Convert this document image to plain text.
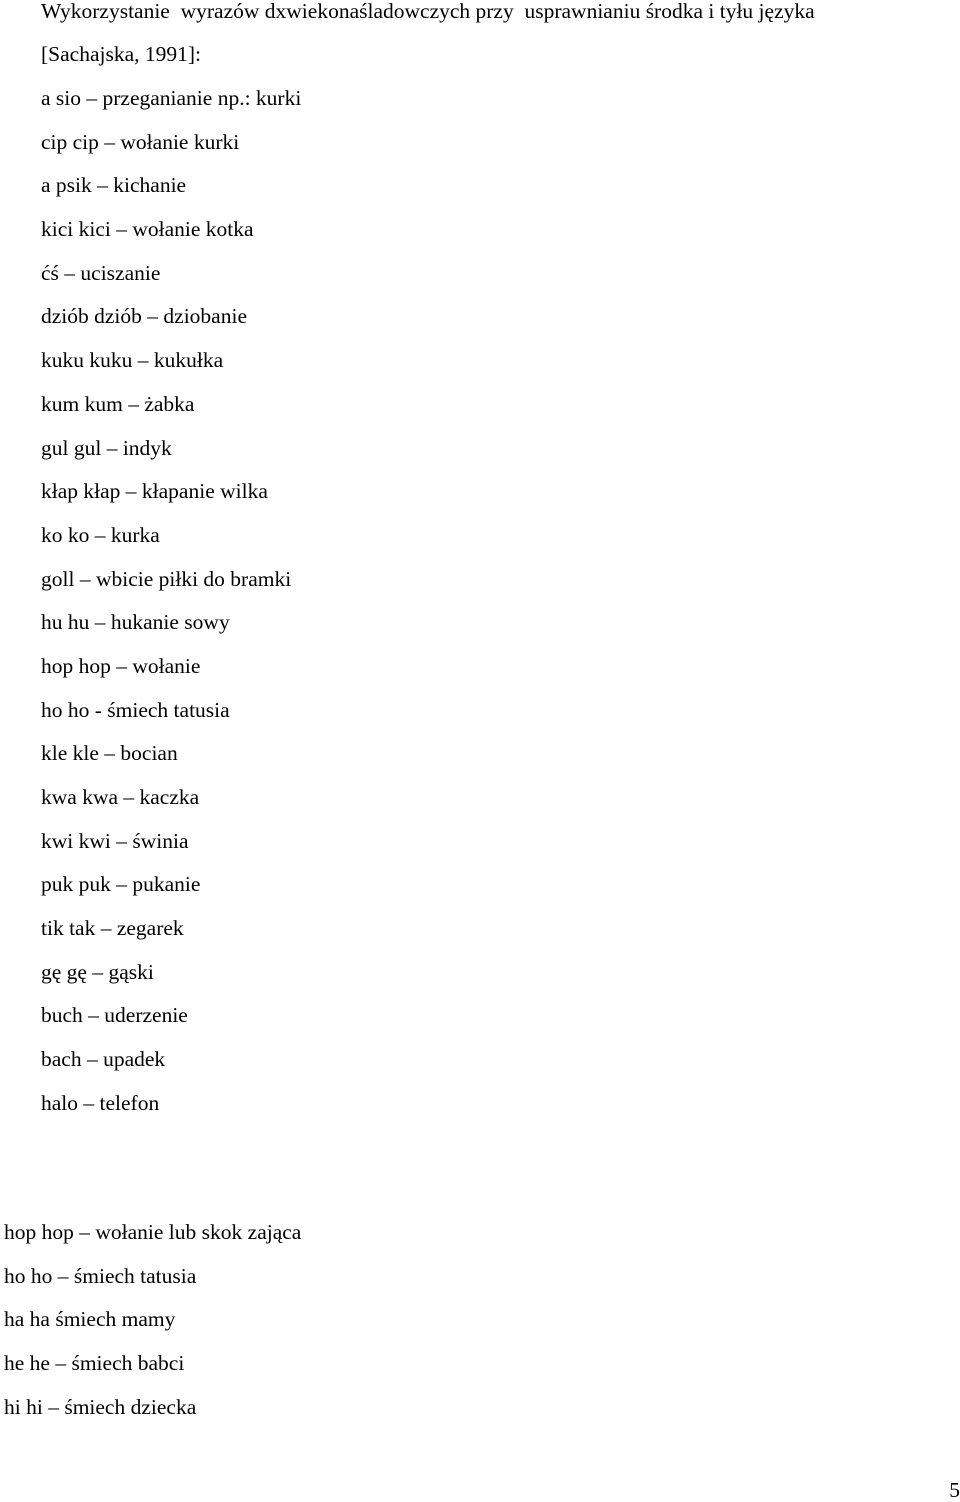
Wykorzystanie  wyrazów dxwiekonaśladowczych przy  usprawnianiu środka i tyłu języka
[Sachajska, 1991]:
a sio – przeganianie np.: kurki
cip cip – wołanie kurki
a psik – kichanie
kici kici – wołanie kotka
ćś – uciszanie
dziób dziób – dziobanie
kuku kuku – kukułka
kum kum – żabka
gul gul – indyk
kłap kłap – kłapanie wilka
ko ko – kurka
goll – wbicie piłki do bramki
hu hu – hukanie sowy
hop hop – wołanie
ho ho - śmiech tatusia
kle kle – bocian
kwa kwa – kaczka
kwi kwi – świnia
puk puk – pukanie
tik tak – zegarek
gę gę – gąski
buch – uderzenie
bach – upadek
halo – telefon
hop hop – wołanie lub skok zająca
ho ho – śmiech tatusia
ha ha śmiech mamy
he he – śmiech babci
hi hi – śmiech dziecka
5
